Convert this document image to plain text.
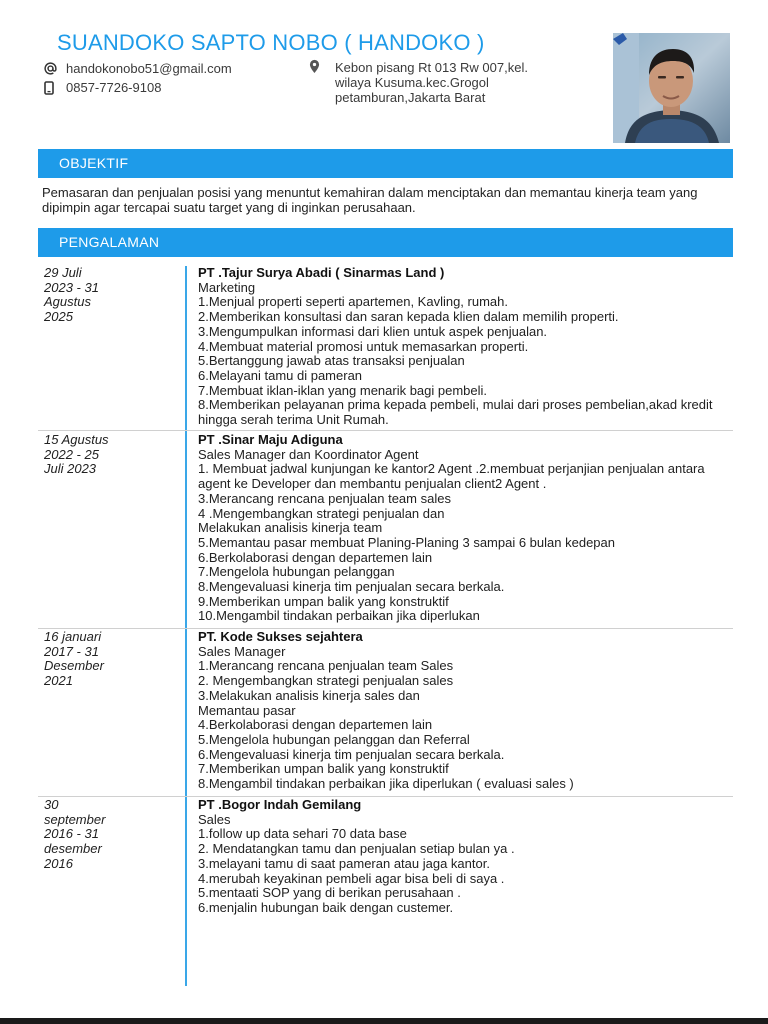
SUANDOKO SAPTO NOBO ( HANDOKO )
handokonobo51@gmail.com
0857-7726-9108
Kebon pisang Rt 013 Rw 007,kel.
wilaya Kusuma.kec.Grogol
petamburan,Jakarta Barat
OBJEKTIF

Pemasaran dan penjualan posisi yang menuntut kemahiran dalam menciptakan dan memantau kinerja team yang
dipimpin agar tercapai suatu target yang di inginkan perusahaan.

PENGALAMAN
29 Juli
2023 - 31
Agustus
2025
PT .Tajur Surya Abadi ( Sinarmas Land )
Marketing
1.Menjual properti seperti apartemen, Kavling, rumah.
2.Memberikan konsultasi dan saran kepada klien dalam memilih properti.
3.Mengumpulkan informasi dari klien untuk aspek penjualan.
4.Membuat material promosi untuk memasarkan properti.
5.Bertanggung jawab atas transaksi penjualan
6.Melayani tamu di pameran
7.Membuat iklan-iklan yang menarik bagi pembeli.
8.Memberikan pelayanan prima kepada pembeli, mulai dari proses pembelian,akad kredit
hingga serah terima Unit Rumah.
15 Agustus
2022 - 25
Juli 2023
PT .Sinar Maju Adiguna
Sales Manager dan Koordinator Agent
1. Membuat jadwal kunjungan ke kantor2 Agent .2.membuat perjanjian penjualan antara
agent ke Developer dan membantu penjualan client2 Agent .
3.Merancang rencana penjualan team sales
4 .Mengembangkan strategi penjualan dan
Melakukan analisis kinerja team
5.Memantau pasar membuat Planing-Planing 3 sampai 6 bulan kedepan
6.Berkolaborasi dengan departemen lain
7.Mengelola hubungan pelanggan
8.Mengevaluasi kinerja tim penjualan secara berkala.
9.Memberikan umpan balik yang konstruktif
10.Mengambil tindakan perbaikan jika diperlukan
16 januari
2017 - 31
Desember
2021
PT. Kode Sukses sejahtera
Sales Manager
1.Merancang rencana penjualan team Sales
2. Mengembangkan strategi penjualan sales
3.Melakukan analisis kinerja sales dan
Memantau pasar
4.Berkolaborasi dengan departemen lain
5.Mengelola hubungan pelanggan dan Referral
6.Mengevaluasi kinerja tim penjualan secara berkala.
7.Memberikan umpan balik yang konstruktif
8.Mengambil tindakan perbaikan jika diperlukan ( evaluasi sales )
30
september
2016 - 31
desember
2016
PT .Bogor Indah Gemilang
Sales
1.follow up data sehari 70 data base
2. Mendatangkan tamu dan penjualan setiap bulan ya .
3.melayani tamu di saat pameran atau jaga kantor.
4.merubah keyakinan pembeli agar bisa beli di saya .
5.mentaati SOP yang di berikan perusahaan .
6.menjalin hubungan baik dengan custemer.
